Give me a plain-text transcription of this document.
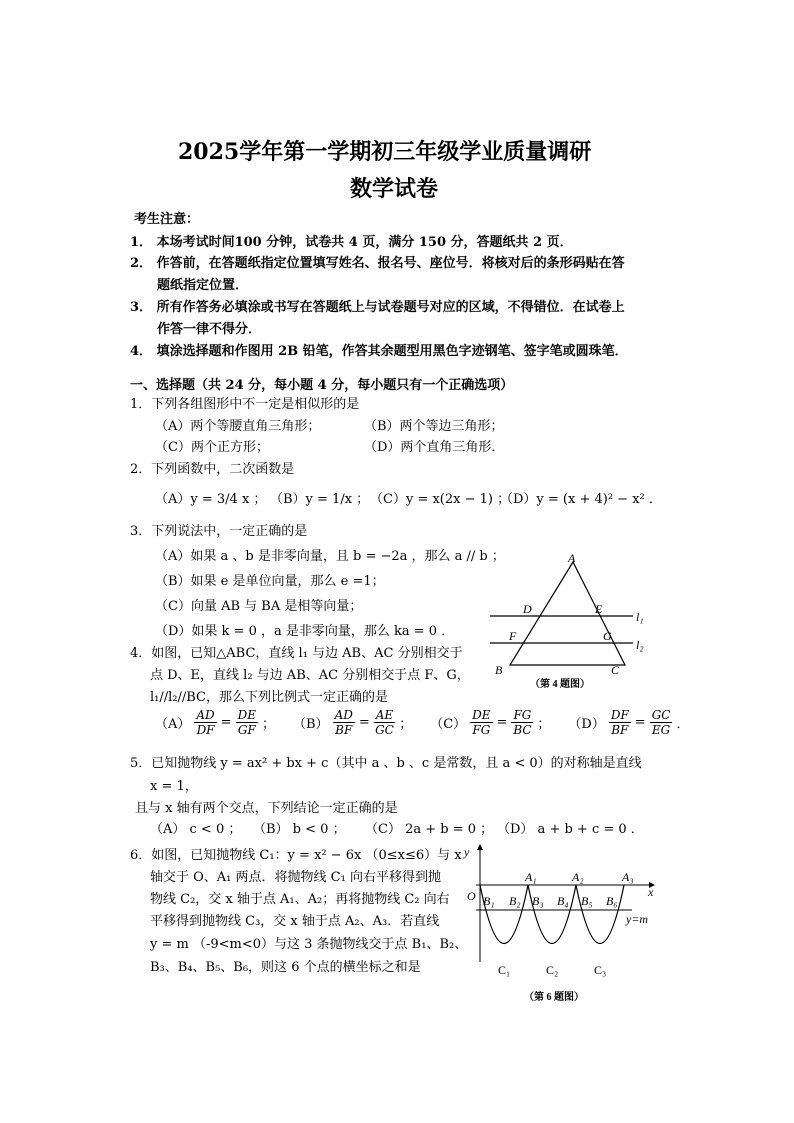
2025学年第一学期初三年级学业质量调研
数学试卷
考生注意：
1． 本场考试时间100 分钟，试卷共 4 页，满分 150 分，答题纸共 2 页．
2． 作答前，在答题纸指定位置填写姓名、报名号、座位号．将核对后的条形码贴在答
题纸指定位置．
3． 所有作答务必填涂或书写在答题纸上与试卷题号对应的区域，不得错位．在试卷上
作答一律不得分．
4． 填涂选择题和作图用 2B 铅笔，作答其余题型用黑色字迹钢笔、签字笔或圆珠笔．
一、选择题（共 24 分，每小题 4 分，每小题只有一个正确选项）
1．下列各组图形中不一定是相似形的是
（A）两个等腰直角三角形；	（B）两个等边三角形；
（C）两个正方形；	（D）两个直角三角形．
2．下列函数中，二次函数是
（A）y = 3/4 x ； （B）y = 1/x ； （C）y = x(2x − 1) ；
（D）y = (x + 4)² − x² ．
3．下列说法中，一定正确的是
（A）如果 a 、b 是非零向量，且 b = −2a ，那么 a // b ；
（B）如果 e 是单位向量，那么 e =1；
（C）向量 AB 与 BA 是相等向量；
（D）如果 k = 0 ，a 是非零向量，那么 ka = 0 ．
A
D	E
F	G
B	C
l₁
l₂
（第 4 题图）
4．如图，已知△ABC，直线 l₁ 与边 AB、AC 分别相交于
点 D、E，直线 l₂ 与边 AB、AC 分别相交于点 F、G，
l₁//l₂//BC，那么下列比例式一定正确的是
$(A) \frac{AD}{DF} = \frac{DE}{GF}$ ； $(B) \frac{AD}{BF} = \frac{AE}{GC}$ ； $(C) \frac{DE}{FG} = \frac{FG}{BC}$ ； $(D) \frac{DF}{BF} = \frac{GC}{EG}$ ．
5．已知抛物线 y = ax² + bx + c（其中 a 、b 、c 是常数，且 a < 0）的对称轴是直线
x = 1，
且与 x 轴有两个交点，下列结论一定正确的是
（A） c < 0 ； （B） b < 0 ； （C） 2a + b = 0 ； （D） a + b + c = 0 ．
6．如图，已知抛物线 C₁：y = x² − 6x （0≤x≤6）与 x
轴交于 O、A₁ 两点．将抛物线 C₁ 向右平移得到抛
物线 C₂，交 x 轴于点 A₁、A₂；再将抛物线 C₂ 向右
平移得到抛物线 C₃，交 x 轴于点 A₂、A₃．若直线
y = m （-9<m<0）与这 3 条抛物线交于点 B₁、B₂、
B₃、B₄、B₅、B₆，则这 6 个点的横坐标之和是
y
x
O
A₁	A₂	A₃
B₁ B₂ B₃ B₄ B₅ B₆
y=m
C₁	C₂	C₃
（第 6 题图）
